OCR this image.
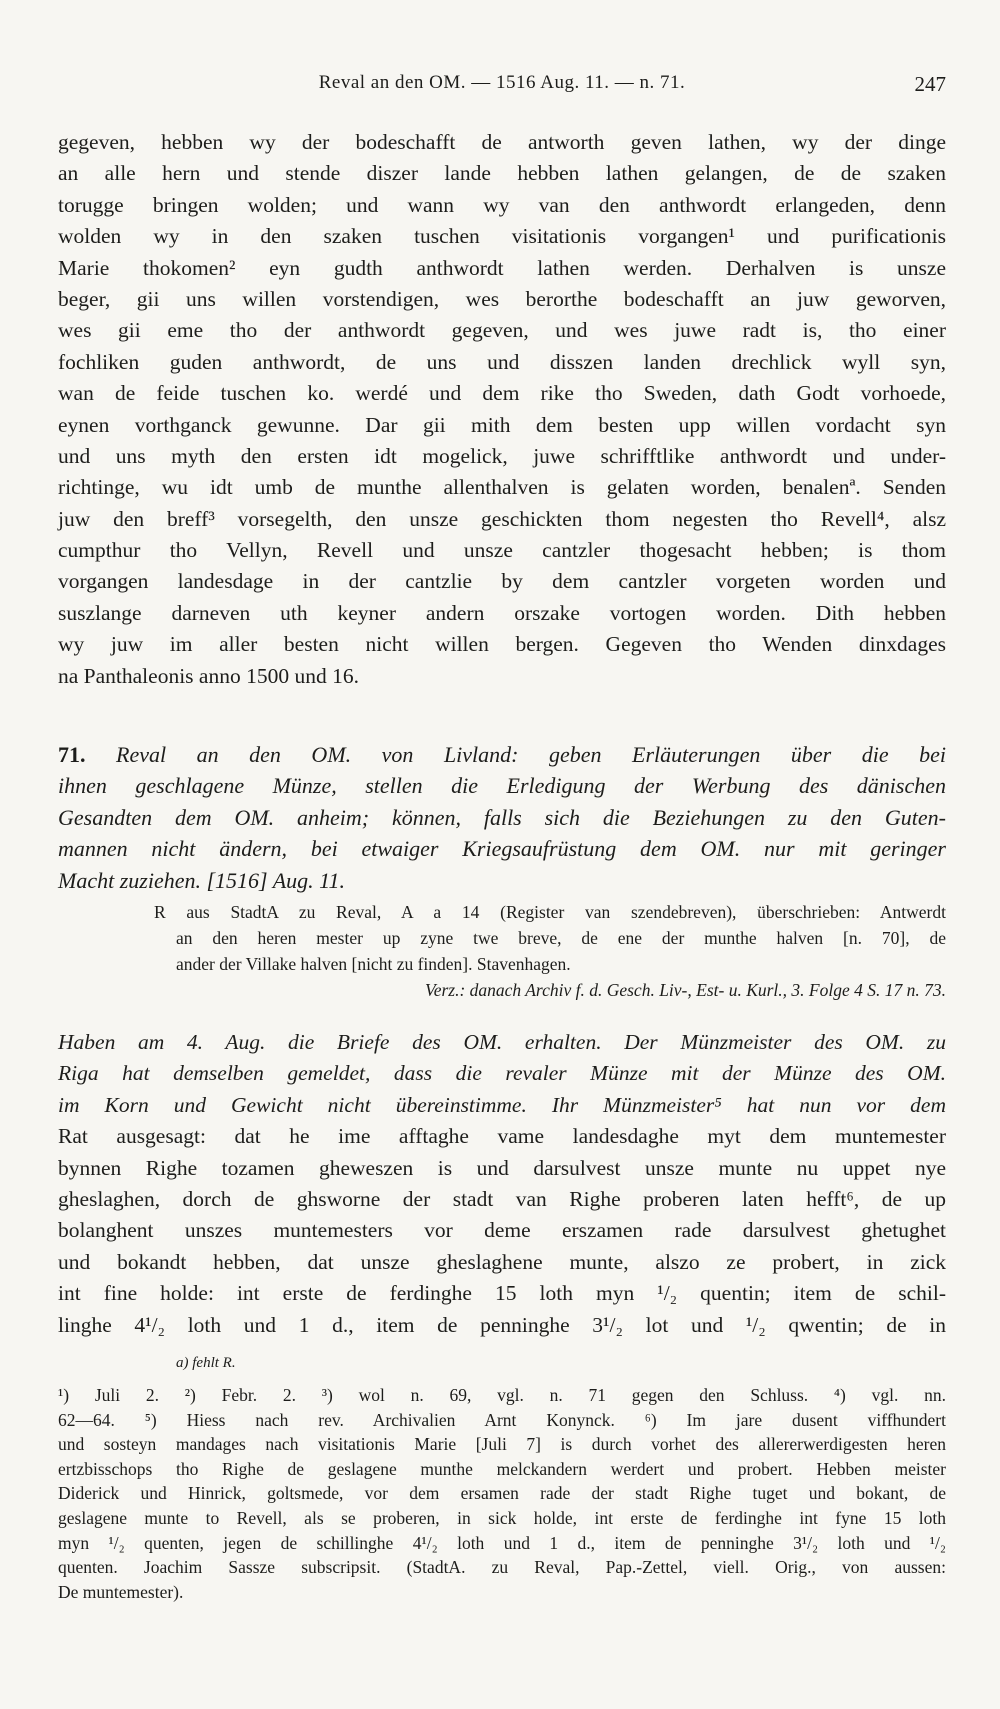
Reval an den OM. — 1516 Aug. 11. — n. 71.	247
gegeven, hebben wy der bodeschafft de antworth geven lathen, wy der dinge
an alle hern und stende diszer lande hebben lathen gelangen, de de szaken
torugge bringen wolden; und wann wy van den anthwordt erlangeden, denn
wolden wy in den szaken tuschen visitationis vorgangen¹ und purificationis
Marie thokomen² eyn gudth anthwordt lathen werden. Derhalven is unsze
beger, gii uns willen vorstendigen, wes berorthe bodeschafft an juw geworven,
wes gii eme tho der anthwordt gegeven, und wes juwe radt is, tho einer
fochliken guden anthwordt, de uns und disszen landen drechlick wyll syn,
wan de feide tuschen ko. werdé und dem rike tho Sweden, dath Godt vorhoede,
eynen vorthganck gewunne. Dar gii mith dem besten upp willen vordacht syn
und uns myth den ersten idt mogelick, juwe schrifftlike anthwordt und under-
richtinge, wu idt umb de munthe allenthalven is gelaten worden, benalenª. Senden
juw den breff³ vorsegelth, den unsze geschickten thom negesten tho Revell⁴, alsz
cumpthur tho Vellyn, Revell und unsze cantzler thogesacht hebben; is thom
vorgangen landesdage in der cantzlie by dem cantzler vorgeten worden und
suszlange darneven uth keyner andern orszake vortogen worden. Dith hebben
wy juw im aller besten nicht willen bergen. Gegeven tho Wenden dinxdages
na Panthaleonis anno 1500 und 16.
71. Reval an den OM. von Livland: geben Erläuterungen über die bei
ihnen geschlagene Münze, stellen die Erledigung der Werbung des dänischen
Gesandten dem OM. anheim; können, falls sich die Beziehungen zu den Guten-
mannen nicht ändern, bei etwaiger Kriegsaufrüstung dem OM. nur mit geringer
Macht zuziehen. [1516] Aug. 11.
R aus StadtA zu Reval, A a 14 (Register van szendebreven), überschrieben: Antwerdt
an den heren mester up zyne twe breve, de ene der munthe halven [n. 70], de
ander der Villake halven [nicht zu finden]. Stavenhagen.
Verz.: danach Archiv f. d. Gesch. Liv-, Est- u. Kurl., 3. Folge 4 S. 17 n. 73.
Haben am 4. Aug. die Briefe des OM. erhalten. Der Münzmeister des OM. zu
Riga hat demselben gemeldet, dass die revaler Münze mit der Münze des OM.
im Korn und Gewicht nicht übereinstimme. Ihr Münzmeister⁵ hat nun vor dem
Rat ausgesagt: dat he ime afftaghe vame landesdaghe myt dem muntemester
bynnen Righe tozamen gheweszen is und darsulvest unsze munte nu uppet nye
gheslaghen, dorch de ghsworne der stadt van Righe proberen laten hefft⁶, de up
bolanghent unszes muntemesters vor deme erszamen rade darsulvest ghetughet
und bokandt hebben, dat unsze gheslaghene munte, alszo ze probert, in zick
int fine holde: int erste de ferdinghe 15 loth myn ¹/₂ quentin; item de schil-
linghe 4¹/₂ loth und 1 d., item de penninghe 3¹/₂ lot und ¹/₂ qwentin; de in
a) fehlt R.
¹) Juli 2. ²) Febr. 2. ³) wol n. 69, vgl. n. 71 gegen den Schluss. ⁴) vgl. nn.
62—64. ⁵) Hiess nach rev. Archivalien Arnt Konynck. ⁶) Im jare dusent viffhundert
und sosteyn mandages nach visitationis Marie [Juli 7] is durch vorhet des allererwerdigesten heren
ertzbisschops tho Righe de geslagene munthe melckandern werdert und probert. Hebben meister
Diderick und Hinrick, goltsmede, vor dem ersamen rade der stadt Righe tuget und bokant, de
geslagene munte to Revell, als se proberen, in sick holde, int erste de ferdinghe int fyne 15 loth
myn ¹/₂ quenten, jegen de schillinghe 4¹/₂ loth und 1 d., item de penninghe 3¹/₂ loth und ¹/₂
quenten. Joachim Sassze subscripsit. (StadtA. zu Reval, Pap.-Zettel, viell. Orig., von aussen:
De muntemester).
